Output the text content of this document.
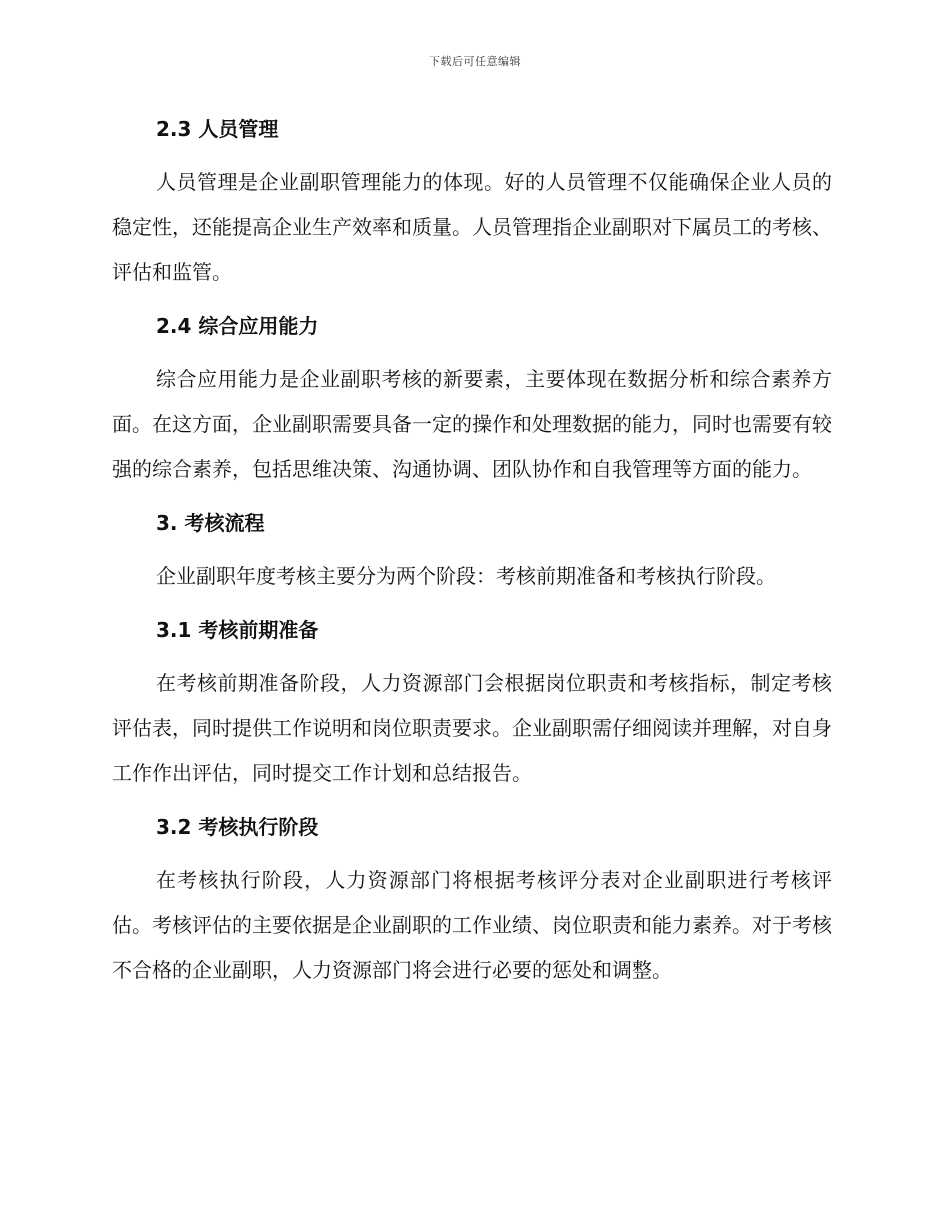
下载后可任意编辑

2.3 人员管理

人员管理是企业副职管理能力的体现。好的人员管理不仅能确保企业人员的稳定性，还能提高企业生产效率和质量。人员管理指企业副职对下属员工的考核、评估和监管。

2.4 综合应用能力

综合应用能力是企业副职考核的新要素，主要体现在数据分析和综合素养方面。在这方面，企业副职需要具备一定的操作和处理数据的能力，同时也需要有较强的综合素养，包括思维决策、沟通协调、团队协作和自我管理等方面的能力。

3. 考核流程

企业副职年度考核主要分为两个阶段：考核前期准备和考核执行阶段。

3.1 考核前期准备

在考核前期准备阶段，人力资源部门会根据岗位职责和考核指标，制定考核评估表，同时提供工作说明和岗位职责要求。企业副职需仔细阅读并理解，对自身工作作出评估，同时提交工作计划和总结报告。

3.2 考核执行阶段

在考核执行阶段，人力资源部门将根据考核评分表对企业副职进行考核评估。考核评估的主要依据是企业副职的工作业绩、岗位职责和能力素养。对于考核不合格的企业副职，人力资源部门将会进行必要的惩处和调整。
